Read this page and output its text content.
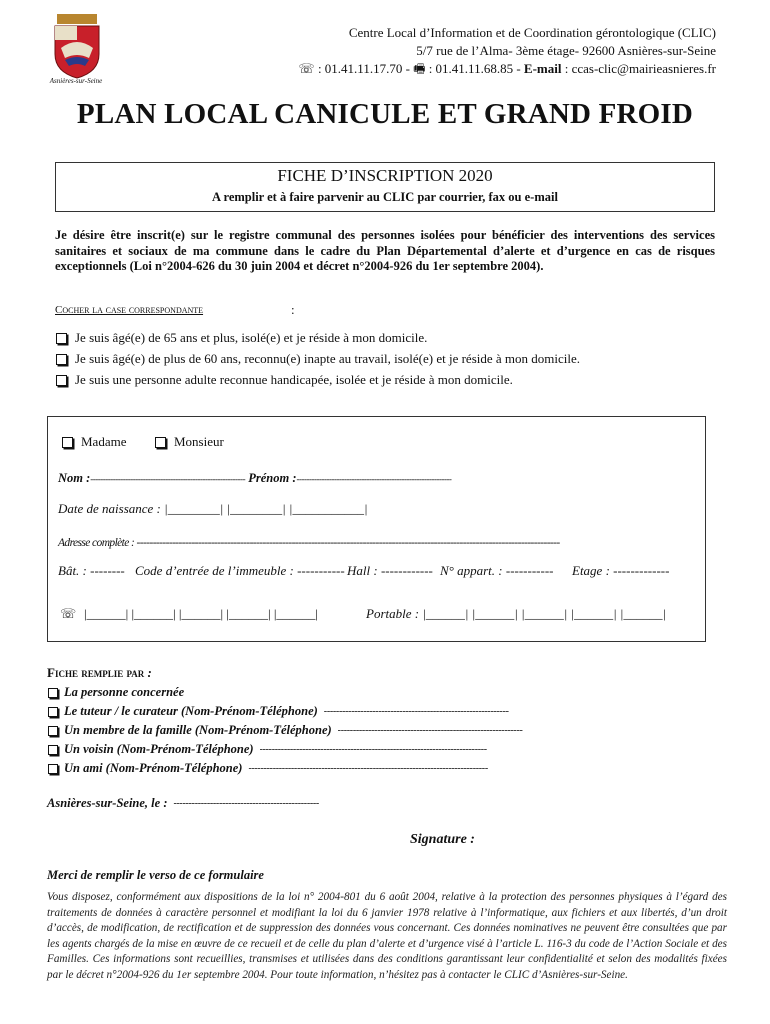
Asnières-sur-Seine
Centre Local d’Information et de Coordination gérontologique (CLIC)
5/7 rue de l’Alma- 3ème étage- 92600 Asnières-sur-Seine
☏ : 01.41.11.17.70 - 🖷 : 01.41.11.68.85 - E-mail : ccas-clic@mairieasnieres.fr
PLAN LOCAL CANICULE ET GRAND FROID
FICHE D’INSCRIPTION 2020
A remplir et à faire parvenir au CLIC par courrier, fax ou e-mail
Je désire être inscrit(e) sur le registre communal des personnes isolées pour bénéficier des interventions des services sanitaires et sociaux de ma commune dans le cadre du Plan Départemental d’alerte et d’urgence en cas de risques exceptionnels (Loi n°2004-626 du 30 juin 2004 et décret n°2004-926 du 1er septembre 2004).
Cocher la case correspondante	:
Je suis âgé(e) de 65 ans et plus, isolé(e) et je réside à mon domicile.
Je suis âgé(e) de plus de 60 ans, reconnu(e) inapte au travail, isolé(e) et je réside à mon domicile.
Je suis une personne adulte reconnue handicapée, isolée et je réside à mon domicile.
Madame	Monsieur
Nom :-------------------------------------------------------------- Prénom :--------------------------------------------------------------
Date de naissance : |________| |________| |___________|
Adresse complète : -----------------------------------------------------------------------------------------------------------------------------------
Bât. : -------- Code d’entrée de l’immeuble : ----------- Hall : ------------ N° appart. : ----------- Etage : -------------
☏ |______| |______| |______| |______| |______|	Portable : |______| |______| |______| |______| |______|
Fiche remplie par :
La personne concernée
Le tuteur / le curateur (Nom-Prénom-Téléphone) -------------------------------------------------------------
Un membre de la famille (Nom-Prénom-Téléphone) -------------------------------------------------------------
Un voisin (Nom-Prénom-Téléphone) ---------------------------------------------------------------------------
Un ami (Nom-Prénom-Téléphone) -------------------------------------------------------------------------------
Asnières-sur-Seine, le : ------------------------------------------------
Signature :
Merci de remplir le verso de ce formulaire
Vous disposez, conformément aux dispositions de la loi n° 2004-801 du 6 août 2004, relative à la protection des personnes physiques à l’égard des traitements de données à caractère personnel et modifiant la loi du 6 janvier 1978 relative à l’informatique, aux fichiers et aux libertés, d’un droit d’accès, de modification, de rectification et de suppression des données vous concernant. Ces données nominatives ne peuvent être consultées que par les agents chargés de la mise en œuvre de ce recueil et de celle du plan d’alerte et d’urgence visé à l’article L. 116-3 du code de l’Action Sociale et des Familles. Ces informations sont recueillies, transmises et utilisées dans des conditions garantissant leur confidentialité et selon des modalités fixées par le décret n°2004-926 du 1er septembre 2004. Pour toute information, n’hésitez pas à contacter le CLIC d’Asnières-sur-Seine.
